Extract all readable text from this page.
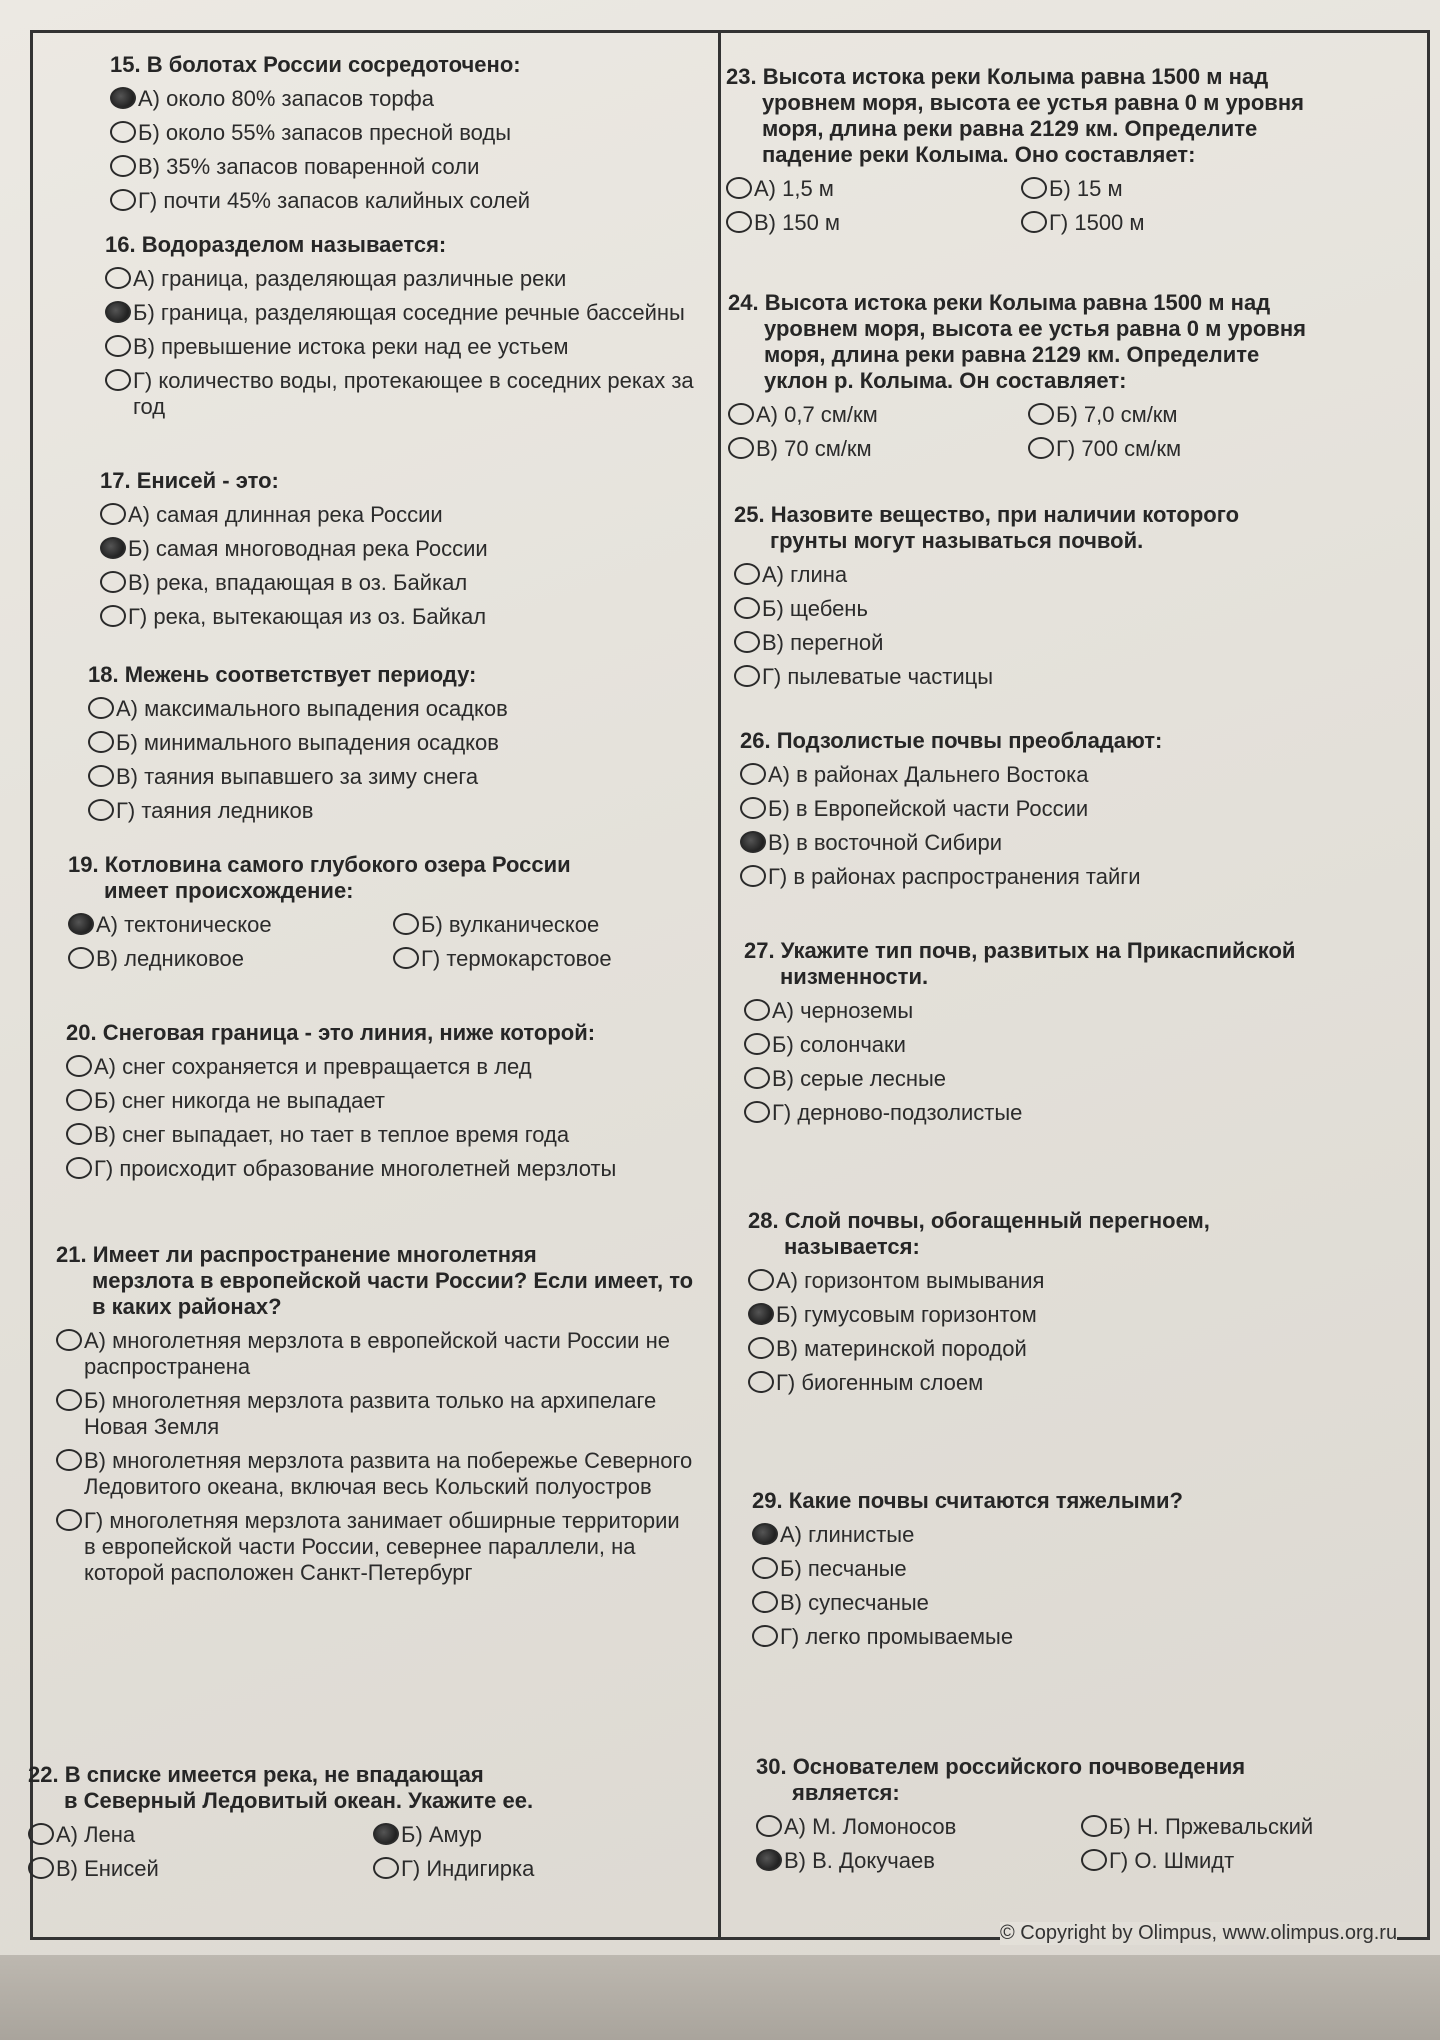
15. В болотах России сосредоточено:
А) около 80% запасов торфа
Б) около 55% запасов пресной воды
В) 35% запасов поваренной соли
Г) почти 45% запасов калийных солей
16. Водоразделом называется:
А) граница, разделяющая различные реки
Б) граница, разделяющая соседние речные бассейны
В) превышение истока реки над ее устьем
Г) количество воды, протекающее в соседних реках за год
17. Енисей - это:
А) самая длинная река России
Б) самая многоводная река России
В) река, впадающая в оз. Байкал
Г) река, вытекающая из оз. Байкал
18. Межень соответствует периоду:
А) максимального выпадения осадков
Б) минимального выпадения осадков
В) таяния выпавшего за зиму снега
Г) таяния ледников
19. Котловина самого глубокого озера России
имеет происхождение:
А) тектоническое	Б) вулканическое
В) ледниковое	Г) термокарстовое
20. Снеговая граница - это линия, ниже которой:
А) снег сохраняется и превращается в лед
Б) снег никогда не выпадает
В) снег выпадает, но тает в теплое время года
Г) происходит образование многолетней мерзлоты
21. Имеет ли распространение многолетняя
мерзлота в европейской части России? Если имеет, то в каких районах?
А) многолетняя мерзлота в европейской части России не распространена
Б) многолетняя мерзлота развита только на архипелаге Новая Земля
В) многолетняя мерзлота развита на побережье Северного Ледовитого океана, включая весь Кольский полуостров
Г) многолетняя мерзлота занимает обширные территории в европейской части России, севернее параллели, на которой расположен Санкт-Петербург
22. В списке имеется река, не впадающая
в Северный Ледовитый океан. Укажите ее.
А) Лена	Б) Амур
В) Енисей	Г) Индигирка
23. Высота истока реки Колыма равна 1500 м над
уровнем моря, высота ее устья равна 0 м уровня моря, длина реки равна 2129 км. Определите падение реки Колыма. Оно составляет:
А) 1,5 м	Б) 15 м
В) 150 м	Г) 1500 м
24. Высота истока реки Колыма равна 1500 м над
уровнем моря, высота ее устья равна 0 м уровня моря, длина реки равна 2129 км. Определите уклон р. Колыма. Он составляет:
А) 0,7 см/км	Б) 7,0 см/км
В) 70 см/км	Г) 700 см/км
25. Назовите вещество, при наличии которого
грунты могут называться почвой.
А) глина
Б) щебень
В) перегной
Г) пылеватые частицы
26. Подзолистые почвы преобладают:
А) в районах Дальнего Востока
Б) в Европейской части России
В) в восточной Сибири
Г) в районах распространения тайги
27. Укажите тип почв, развитых на Прикаспийской
низменности.
А) черноземы
Б) солончаки
В) серые лесные
Г) дерново-подзолистые
28. Слой почвы, обогащенный перегноем,
называется:
А) горизонтом вымывания
Б) гумусовым горизонтом
В) материнской породой
Г) биогенным слоем
29. Какие почвы считаются тяжелыми?
А) глинистые
Б) песчаные
В) супесчаные
Г) легко промываемые
30. Основателем российского почвоведения
является:
А) М. Ломоносов	Б) Н. Пржевальский
В) В. Докучаев	Г) О. Шмидт
© Copyright by Olimpus, www.olimpus.org.ru
